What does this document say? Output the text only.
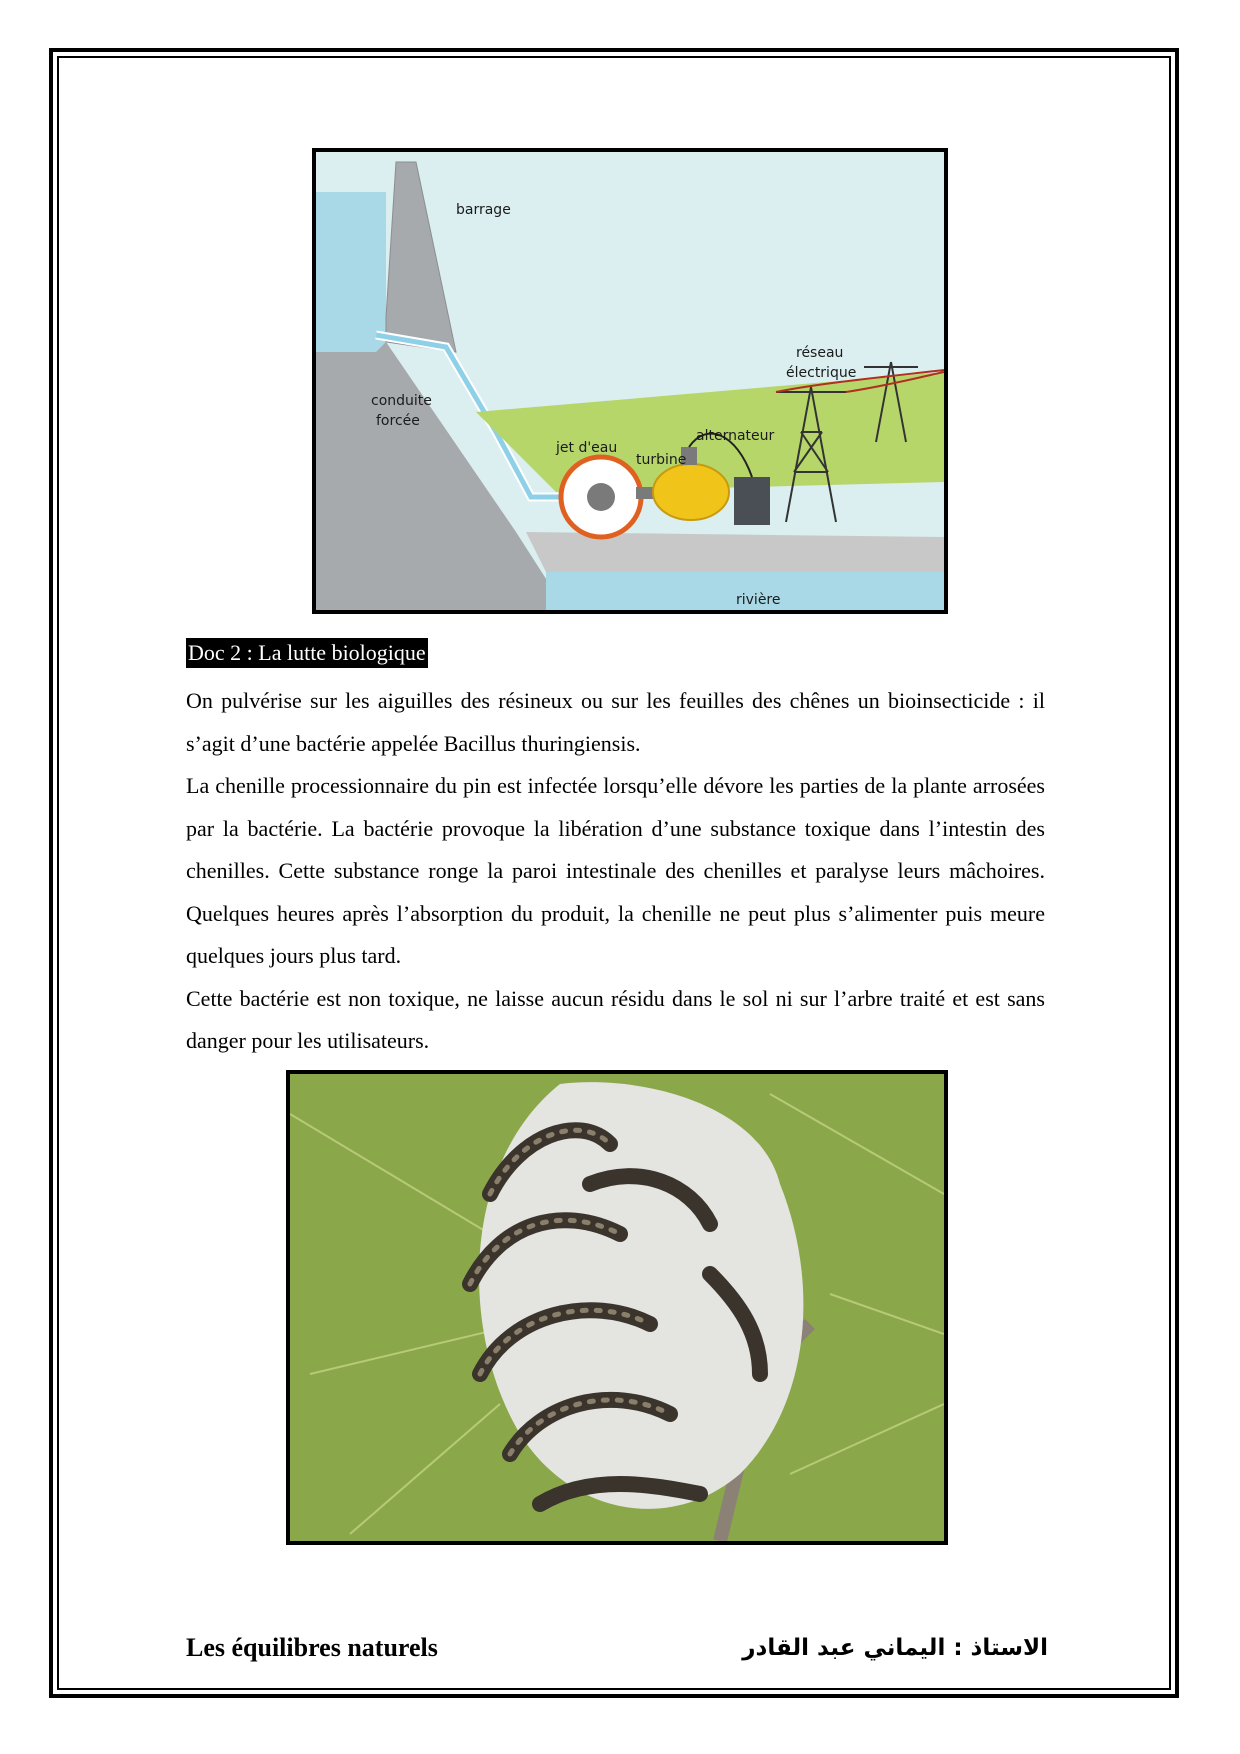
barrage
réseau
électrique
conduite
forcée
alternateur
jet d'eau
turbine
rivière
Doc 2 : La lutte biologique

On pulvérise sur les aiguilles des résineux ou sur les feuilles des chênes un bioinsecticide : il s’agit d’une bactérie appelée Bacillus thuringiensis.

La chenille processionnaire du pin est infectée lorsqu’elle dévore les parties de la plante arrosées par la bactérie. La bactérie provoque la libération d’une substance toxique dans l’intestin des chenilles. Cette substance ronge la paroi intestinale des chenilles et paralyse leurs mâchoires. Quelques heures après l’absorption du produit, la chenille ne peut plus s’alimenter puis meure quelques jours plus tard.

Cette bactérie est non toxique, ne laisse aucun résidu dans le sol ni sur l’arbre traité et est sans danger pour les utilisateurs.

Les équilibres naturels	الاستاذ : اليماني عبد القادر
